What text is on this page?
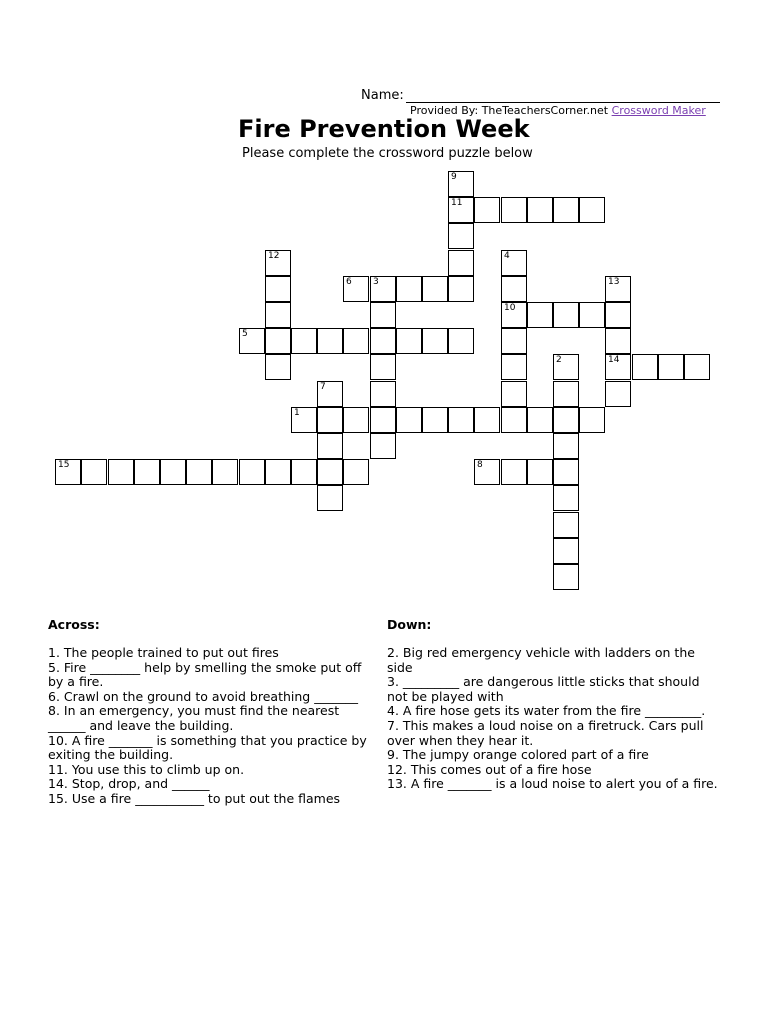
Name:
Provided By: TheTeachersCorner.net Crossword Maker
Fire Prevention Week
Please complete the crossword puzzle below
1
2
3
4
10
5
6
7
8
9
11
12
13
14
15
Across:

1. The people trained to put out fires

5. Fire ________ help by smelling the smoke put off by a fire.

6. Crawl on the ground to avoid breathing _______

8. In an emergency, you must find the nearest ______ and leave the building.

10. A fire _______ is something that you practice by exiting the building.

11. You use this to climb up on.

14. Stop, drop, and ______

15. Use a fire ___________ to put out the flames

Down:

2. Big red emergency vehicle with ladders on the side

3. _________ are dangerous little sticks that should not be played with

4. A fire hose gets its water from the fire _________.

7. This makes a loud noise on a firetruck. Cars pull over when they hear it.

9. The jumpy orange colored part of a fire

12. This comes out of a fire hose

13. A fire _______ is a loud noise to alert you of a fire.
